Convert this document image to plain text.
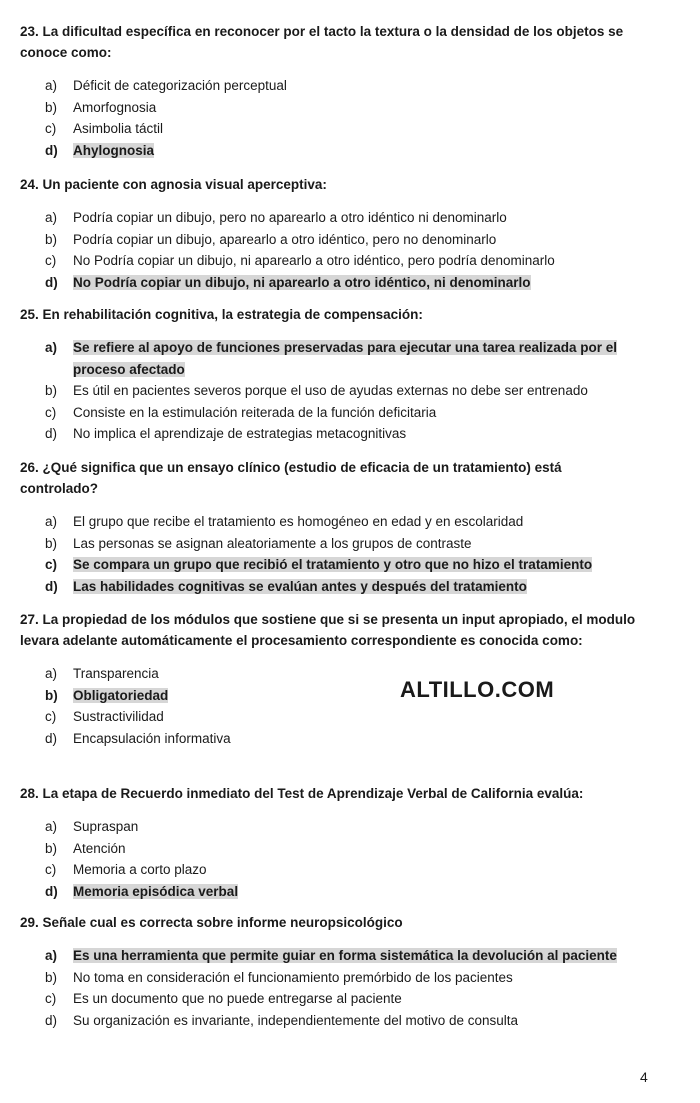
23. La dificultad específica en reconocer por el tacto la textura o la densidad de los objetos se conoce como:

a) Déficit de categorización perceptual
b) Amorfognosia
c) Asimbolia táctil
d) Ahylognosia

24. Un paciente con agnosia visual aperceptiva:

a) Podría copiar un dibujo, pero no aparearlo a otro idéntico ni denominarlo
b) Podría copiar un dibujo, aparearlo a otro idéntico, pero no denominarlo
c) No Podría copiar un dibujo, ni aparearlo a otro idéntico, pero podría denominarlo
d) No Podría copiar un dibujo, ni aparearlo a otro idéntico, ni denominarlo

25. En rehabilitación cognitiva, la estrategia de compensación:

a) Se refiere al apoyo de funciones preservadas para ejecutar una tarea realizada por el proceso afectado
b) Es útil en pacientes severos porque el uso de ayudas externas no debe ser entrenado
c) Consiste en la estimulación reiterada de la función deficitaria
d) No implica el aprendizaje de estrategias metacognitivas

26. ¿Qué significa que un ensayo clínico (estudio de eficacia de un tratamiento) está controlado?

a) El grupo que recibe el tratamiento es homogéneo en edad y en escolaridad
b) Las personas se asignan aleatoriamente a los grupos de contraste
c) Se compara un grupo que recibió el tratamiento y otro que no hizo el tratamiento
d) Las habilidades cognitivas se evalúan antes y después del tratamiento

27. La propiedad de los módulos que sostiene que si se presenta un input apropiado, el modulo levara adelante automáticamente el procesamiento correspondiente es conocida como:

a) Transparencia
b) Obligatoriedad
c) Sustractivilidad
d) Encapsulación informativa
ALTILLO.COM

28. La etapa de Recuerdo inmediato del Test de Aprendizaje Verbal de California evalúa:

a) Supraspan
b) Atención
c) Memoria a corto plazo
d) Memoria episódica verbal

29. Señale cual es correcta sobre informe neuropsicológico

a) Es una herramienta que permite guiar en forma sistemática la devolución al paciente
b) No toma en consideración el funcionamiento premórbido de los pacientes
c) Es un documento que no puede entregarse al paciente
d) Su organización es invariante, independientemente del motivo de consulta
4
